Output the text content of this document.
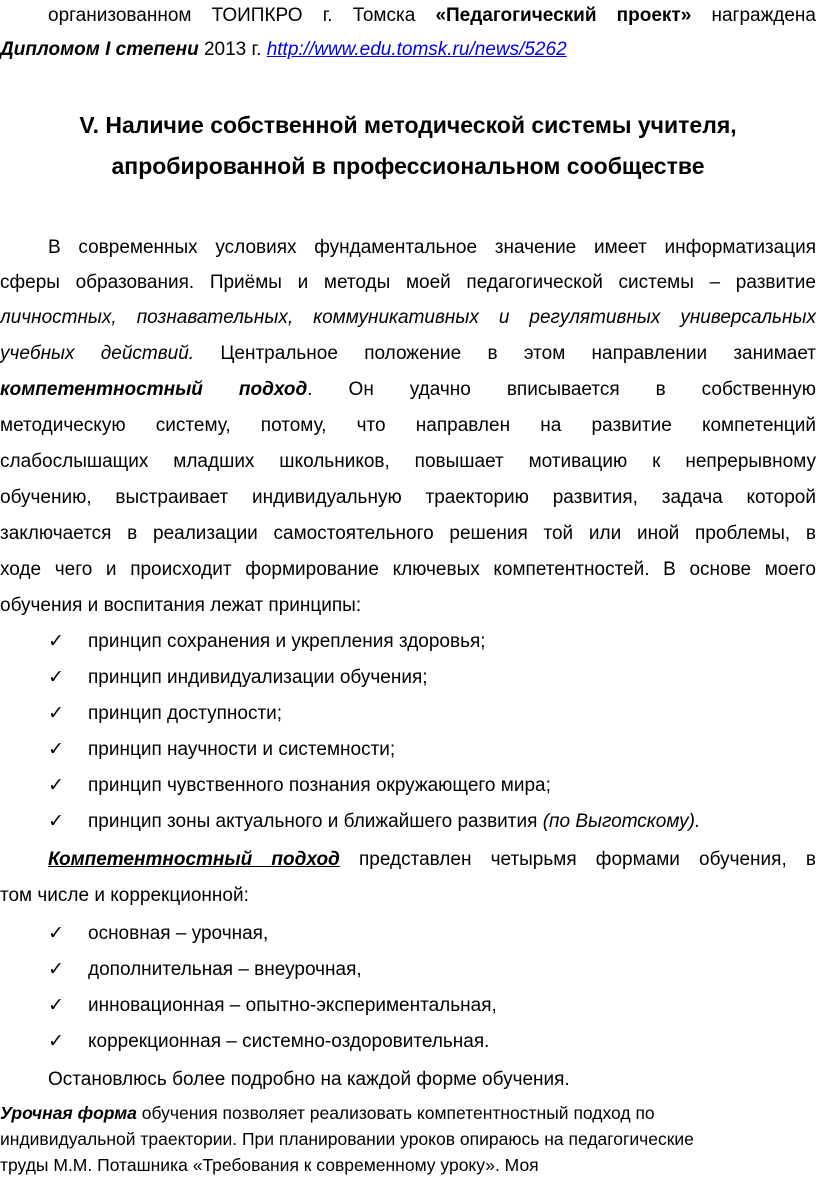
организованном ТОИПКРО г. Томска «Педагогический проект» награждена
Дипломом I степени 2013 г. http://www.edu.tomsk.ru/news/5262
V. Наличие собственной методической системы учителя,
апробированной в профессиональном сообществе
В современных условиях фундаментальное значение имеет информатизация
сферы образования. Приёмы и методы моей педагогической системы – развитие
личностных, познавательных, коммуникативных и регулятивных универсальных
учебных действий. Центральное положение в этом направлении занимает
компетентностный подход. Он удачно вписывается в собственную
методическую систему, потому, что направлен на развитие компетенций
слабослышащих младших школьников, повышает мотивацию к непрерывному
обучению, выстраивает индивидуальную траекторию развития, задача которой
заключается в реализации самостоятельного решения той или иной проблемы, в
ходе чего и происходит формирование ключевых компетентностей. В основе моего
обучения и воспитания лежат принципы:
✓ принцип сохранения и укрепления здоровья;
✓ принцип индивидуализации обучения;
✓ принцип доступности;
✓ принцип научности и системности;
✓ принцип чувственного познания окружающего мира;
✓ принцип зоны актуального и ближайшего развития (по Выготскому).
Компетентностный подход представлен четырьмя формами обучения, в
том числе и коррекционной:
✓ основная – урочная,
✓ дополнительная – внеурочная,
✓ инновационная – опытно-экспериментальная,
✓ коррекционная – системно-оздоровительная.
Остановлюсь более подробно на каждой форме обучения.
Урочная форма обучения позволяет реализовать компетентностный подход по
индивидуальной траектории. При планировании уроков опираюсь на педагогические
труды М.М. Поташника «Требования к современному уроку». Моя
